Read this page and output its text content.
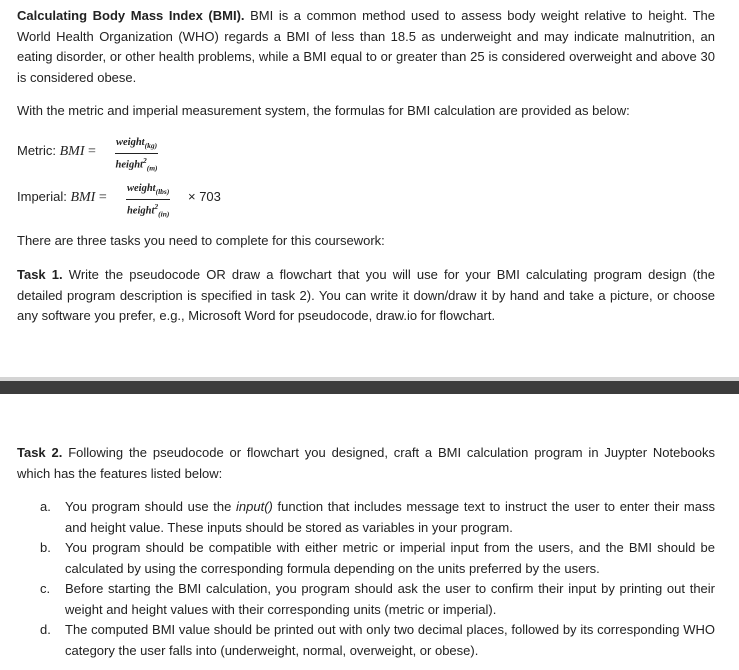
Calculating Body Mass Index (BMI). BMI is a common method used to assess body weight relative to height. The World Health Organization (WHO) regards a BMI of less than 18.5 as underweight and may indicate malnutrition, an eating disorder, or other health problems, while a BMI equal to or greater than 25 is considered overweight and above 30 is considered obese.

With the metric and imperial measurement system, the formulas for BMI calculation are provided as below:

Metric: BMI =
weight$_{(kg)}$
height$^2_{(m)}$
Imperial: BMI =
weight$_{(lbs)}$
height$^2_{(in)}$
× 703

There are three tasks you need to complete for this coursework:

Task 1. Write the pseudocode OR draw a flowchart that you will use for your BMI calculating program design (the detailed program description is specified in task 2). You can write it down/draw it by hand and take a picture, or choose any software you prefer, e.g., Microsoft Word for pseudocode, draw.io for flowchart.

Task 2. Following the pseudocode or flowchart you designed, craft a BMI calculation program in Juypter Notebooks which has the features listed below:

a.	You program should use the input() function that includes message text to instruct the user to enter their mass and height value. These inputs should be stored as variables in your program.
b.	You program should be compatible with either metric or imperial input from the users, and the BMI should be calculated by using the corresponding formula depending on the units preferred by the users.
c.	Before starting the BMI calculation, you program should ask the user to confirm their input by printing out their weight and height values with their corresponding units (metric or imperial).
d.	The computed BMI value should be printed out with only two decimal places, followed by its corresponding WHO category the user falls into (underweight, normal, overweight, or obese).
